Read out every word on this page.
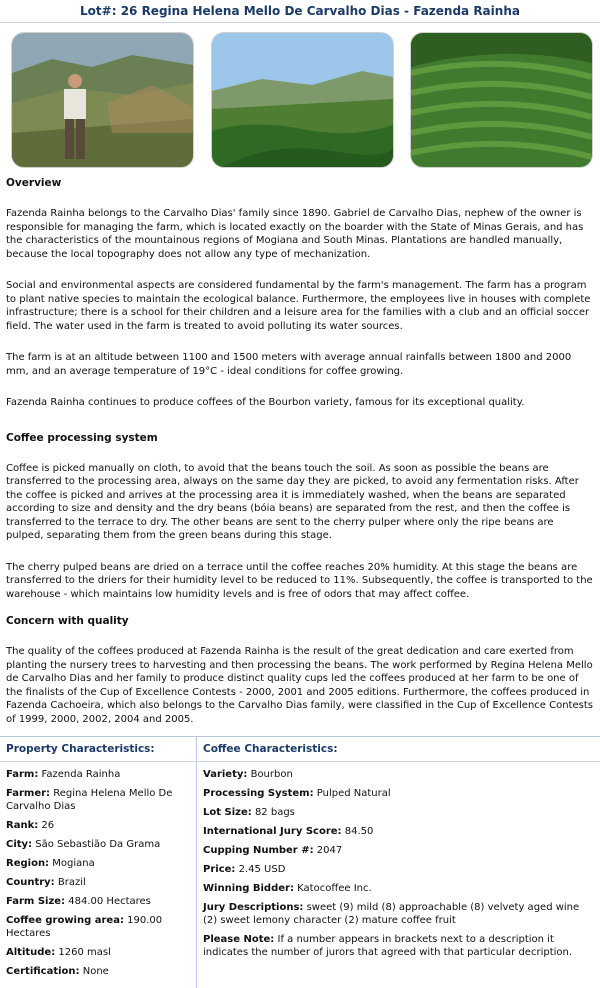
Lot#: 26 Regina Helena Mello De Carvalho Dias - Fazenda Rainha
Overview

Fazenda Rainha belongs to the Carvalho Dias' family since 1890. Gabriel de Carvalho Dias, nephew of the owner is responsible for managing the farm, which is located exactly on the boarder with the State of Minas Gerais, and has the characteristics of the mountainous regions of Mogiana and South Minas. Plantations are handled manually, because the local topography does not allow any type of mechanization.

Social and environmental aspects are considered fundamental by the farm's management. The farm has a program to plant native species to maintain the ecological balance. Furthermore, the employees live in houses with complete infrastructure; there is a school for their children and a leisure area for the families with a club and an official soccer field. The water used in the farm is treated to avoid polluting its water sources.

The farm is at an altitude between 1100 and 1500 meters with average annual rainfalls between 1800 and 2000 mm, and an average temperature of 19°C - ideal conditions for coffee growing.

Fazenda Rainha continues to produce coffees of the Bourbon variety, famous for its exceptional quality.

Coffee processing system

Coffee is picked manually on cloth, to avoid that the beans touch the soil. As soon as possible the beans are transferred to the processing area, always on the same day they are picked, to avoid any fermentation risks. After the coffee is picked and arrives at the processing area it is immediately washed, when the beans are separated according to size and density and the dry beans (bóia beans) are separated from the rest, and then the coffee is transferred to the terrace to dry. The other beans are sent to the cherry pulper where only the ripe beans are pulped, separating them from the green beans during this stage.

The cherry pulped beans are dried on a terrace until the coffee reaches 20% humidity. At this stage the beans are transferred to the driers for their humidity level to be reduced to 11%. Subsequently, the coffee is transported to the warehouse - which maintains low humidity levels and is free of odors that may affect coffee.

Concern with quality

The quality of the coffees produced at Fazenda Rainha is the result of the great dedication and care exerted from planting the nursery trees to harvesting and then processing the beans. The work performed by Regina Helena Mello de Carvalho Dias and her family to produce distinct quality cups led the coffees produced at her farm to be one of the finalists of the Cup of Excellence Contests - 2000, 2001 and 2005 editions. Furthermore, the coffees produced in Fazenda Cachoeira, which also belongs to the Carvalho Dias family, were classified in the Cup of Excellence Contests of 1999, 2000, 2002, 2004 and 2005.

Property Characteristics:
Farm: Fazenda Rainha
Farmer: Regina Helena Mello De Carvalho Dias
Rank: 26
City: São Sebastião Da Grama
Region: Mogiana
Country: Brazil
Farm Size: 484.00 Hectares
Coffee growing area: 190.00 Hectares
Altitude: 1260 masl
Certification: None
Coffee Characteristics:
Variety: Bourbon
Processing System: Pulped Natural
Lot Size: 82 bags
International Jury Score: 84.50
Cupping Number #: 2047
Price: 2.45 USD
Winning Bidder: Katocoffee Inc.
Jury Descriptions: sweet (9) mild (8) approachable (8) velvety aged wine (2) sweet lemony character (2) mature coffee fruit
Please Note: If a number appears in brackets next to a description it indicates the number of jurors that agreed with that particular decription.
